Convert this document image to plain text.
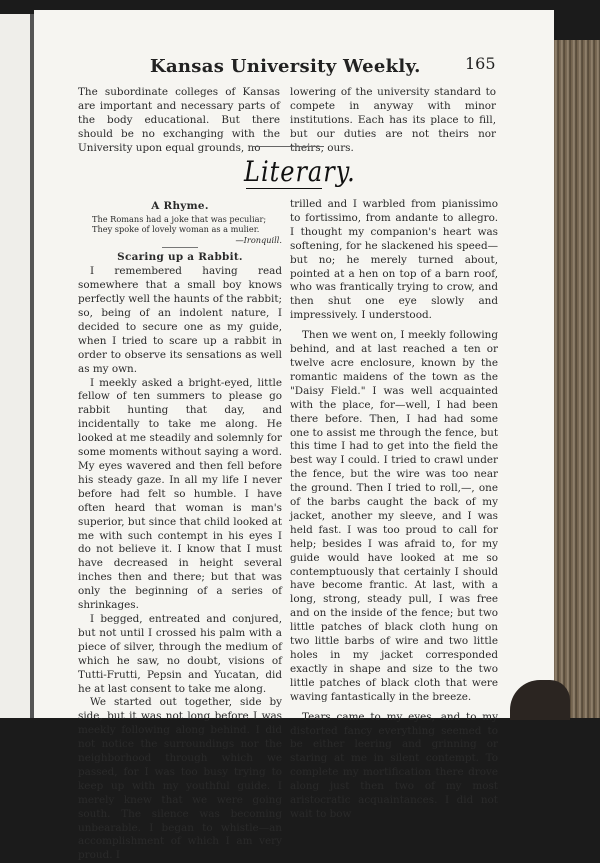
Kansas University Weekly.	165

The subordinate colleges of Kansas are important and necessary parts of the body educational. But there should be no exchanging with the University upon equal grounds, no

lowering of the university standard to compete in anyway with minor institutions. Each has its place to fill, but our duties are not theirs nor theirs, ours.

Literary.

A Rhyme.

The Romans had a joke that was peculiar;

They spoke of lovely woman as a mulier.

—Ironquill.

Scaring up a Rabbit.

I remembered having read somewhere that a small boy knows perfectly well the haunts of the rabbit; so, being of an indolent nature, I decided to secure one as my guide, when I tried to scare up a rabbit in order to observe its sensations as well as my own.

I meekly asked a bright-eyed, little fellow of ten summers to please go rabbit hunting that day, and incidentally to take me along. He looked at me steadily and solemnly for some moments without saying a word. My eyes wavered and then fell before his steady gaze. In all my life I never before had felt so humble. I have often heard that woman is man's superior, but since that child looked at me with such contempt in his eyes I do not believe it. I know that I must have decreased in height several inches then and there; but that was only the beginning of a series of shrinkages.

I begged, entreated and conjured, but not until I crossed his palm with a piece of silver, through the medium of which he saw, no doubt, visions of Tutti-Frutti, Pepsin and Yucatan, did he at last consent to take me along.

We started out together, side by side, but it was not long before I was meekly following along behind. I did not notice the surroundings nor the neighborhood through which we passed, for I was too busy trying to keep up with my youthful guide. I merely knew that we were going south. The silence was becoming unbearable. I began to whistle—an accomplishment of which I am very proud. I

trilled and I warbled from pianissimo to fortissimo, from andante to allegro. I thought my companion's heart was softening, for he slackened his speed—but no; he merely turned about, pointed at a hen on top of a barn roof, who was frantically trying to crow, and then shut one eye slowly and impressively. I understood.

Then we went on, I meekly following behind, and at last reached a ten or twelve acre enclosure, known by the romantic maidens of the town as the "Daisy Field." I was well acquainted with the place, for—well, I had been there before. Then, I had had some one to assist me through the fence, but this time I had to get into the field the best way I could. I tried to crawl under the fence, but the wire was too near the ground. Then I tried to roll,—, one of the barbs caught the back of my jacket, another my sleeve, and I was held fast. I was too proud to call for help; besides I was afraid to, for my guide would have looked at me so contemptuously that certainly I should have become frantic. At last, with a long, strong, steady pull, I was free and on the inside of the fence; but two little patches of black cloth hung on two little barbs of wire and two little holes in my jacket corresponded exactly in shape and size to the two little patches of black cloth that were waving fantastically in the breeze.

Tears came to my eyes, and to my distorted fancy everything seemed to be either leering and grinning or staring at me in silent contempt. To complete my mortification there drove along just then two of my most aristocratic acquaintances. I did not wait to bow
